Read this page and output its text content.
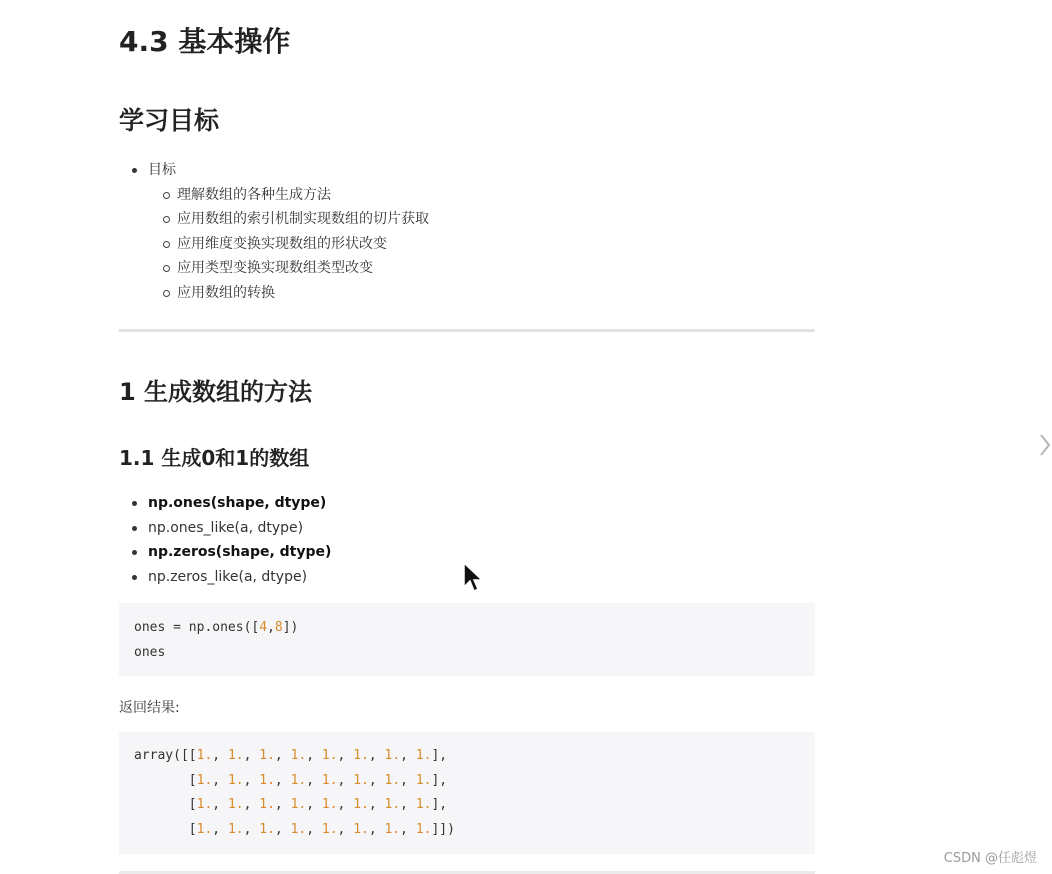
4.3 基本操作
学习目标
目标
理解数组的各种生成方法
应用数组的索引机制实现数组的切片获取
应用维度变换实现数组的形状改变
应用类型变换实现数组类型改变
应用数组的转换
1 生成数组的方法
1.1 生成0和1的数组
np.ones(shape, dtype)
np.ones_like(a, dtype)
np.zeros(shape, dtype)
np.zeros_like(a, dtype)
ones = np.ones([4,8])
ones
返回结果:
array([[1., 1., 1., 1., 1., 1., 1., 1.],
[1., 1., 1., 1., 1., 1., 1., 1.],
[1., 1., 1., 1., 1., 1., 1., 1.],
[1., 1., 1., 1., 1., 1., 1., 1.]])
CSDN @任彪煜
